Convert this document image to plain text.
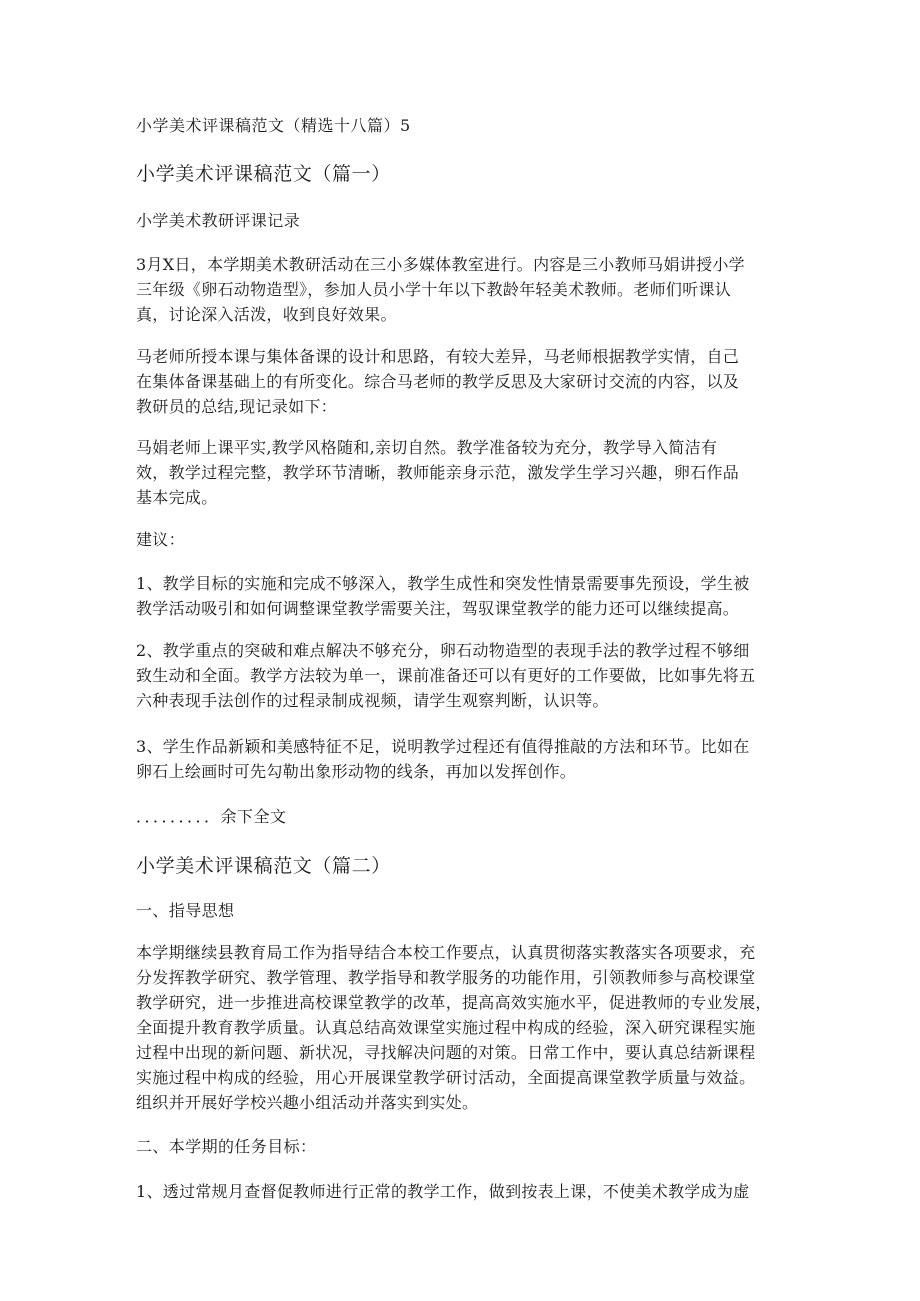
小学美术评课稿范文（精选十八篇）5
小学美术评课稿范文（篇一）
小学美术教研评课记录
3月X日，本学期美术教研活动在三小多媒体教室进行。内容是三小教师马娟讲授小学
三年级《卵石动物造型》，参加人员小学十年以下教龄年轻美术教师。老师们听课认
真，讨论深入活泼，收到良好效果。
马老师所授本课与集体备课的设计和思路，有较大差异，马老师根据教学实情，自己
在集体备课基础上的有所变化。综合马老师的教学反思及大家研讨交流的内容，以及
教研员的总结,现记录如下：
马娟老师上课平实,教学风格随和,亲切自然。教学准备较为充分，教学导入简洁有
效，教学过程完整，教学环节清晰，教师能亲身示范，激发学生学习兴趣，卵石作品
基本完成。
建议：
1、教学目标的实施和完成不够深入，教学生成性和突发性情景需要事先预设，学生被
教学活动吸引和如何调整课堂教学需要关注，驾驭课堂教学的能力还可以继续提高。
2、教学重点的突破和难点解决不够充分，卵石动物造型的表现手法的教学过程不够细
致生动和全面。教学方法较为单一，课前准备还可以有更好的工作要做，比如事先将五
六种表现手法创作的过程录制成视频，请学生观察判断，认识等。
3、学生作品新颖和美感特征不足，说明教学过程还有值得推敲的方法和环节。比如在
卵石上绘画时可先勾勒出象形动物的线条，再加以发挥创作。
．．．．．．．．．余下全文
小学美术评课稿范文（篇二）
一、指导思想
本学期继续县教育局工作为指导结合本校工作要点，认真贯彻落实教落实各项要求，充
分发挥教学研究、教学管理、教学指导和教学服务的功能作用，引领教师参与高校课堂
教学研究，进一步推进高校课堂教学的改革，提高高效实施水平，促进教师的专业发展，
全面提升教育教学质量。认真总结高效课堂实施过程中构成的经验，深入研究课程实施
过程中出现的新问题、新状况，寻找解决问题的对策。日常工作中，要认真总结新课程
实施过程中构成的经验，用心开展课堂教学研讨活动，全面提高课堂教学质量与效益。
组织并开展好学校兴趣小组活动并落实到实处。
二、本学期的任务目标：
1、透过常规月查督促教师进行正常的教学工作，做到按表上课，不使美术教学成为虚
